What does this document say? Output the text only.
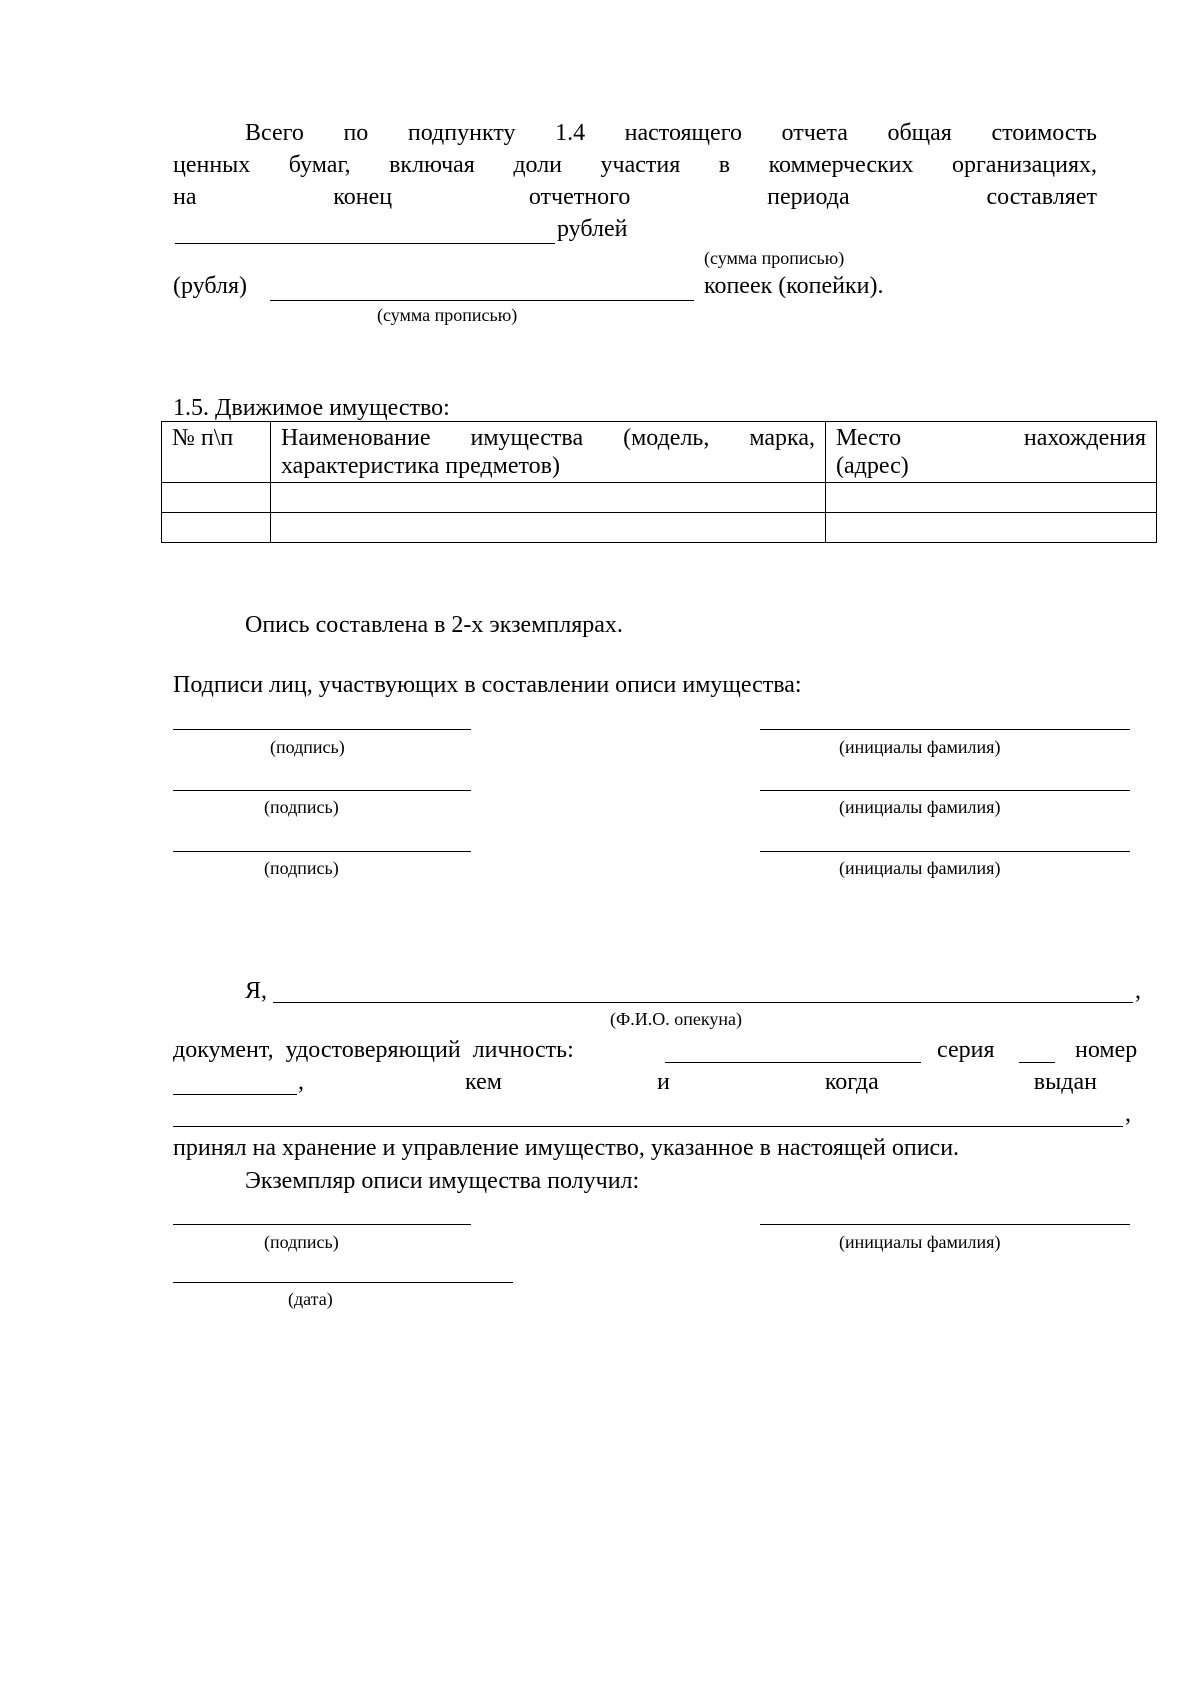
Всего по подпункту 1.4 настоящего отчета общая стоимость
ценных бумаг, включая доли участия в коммерческих организациях,
на	конец	отчетного	периода	составляет
рублей
(сумма прописью)
(рубля)	копеек (копейки).
(сумма прописью)
1.5. Движимое имущество:
№ п\п	Наименование имущества (модель, марка, характеристика предметов)	Место нахождения
(адрес)

Опись составлена в 2-х экземплярах.
Подписи лиц, участвующих в составлении описи имущества:
(подпись)	(инициалы фамилия)
(подпись)	(инициалы фамилия)
(подпись)	(инициалы фамилия)
Я,	,
(Ф.И.О. опекуна)
документ,  удостоверяющий  личность:	серия	номер
,	кем	и	когда	выдан
,
принял на хранение и управление имущество, указанное в настоящей описи.
Экземпляр описи имущества получил:
(подпись)	(инициалы фамилия)
(дата)
